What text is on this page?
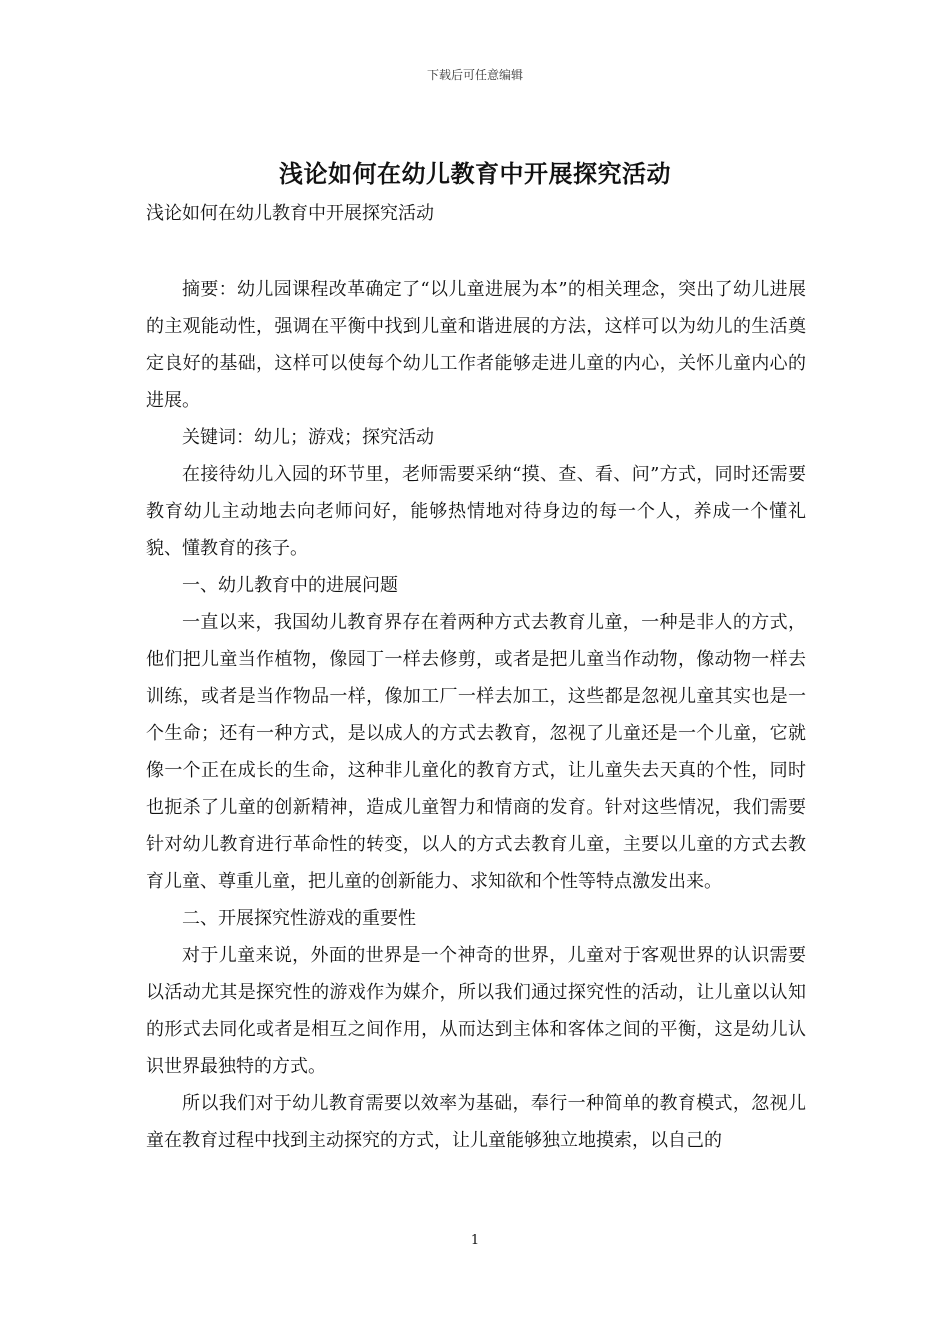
下载后可任意编辑
浅论如何在幼儿教育中开展探究活动
浅论如何在幼儿教育中开展探究活动

摘要：幼儿园课程改革确定了“以儿童进展为本”的相关理念，突出了幼儿进展的主观能动性，强调在平衡中找到儿童和谐进展的方法，这样可以为幼儿的生活奠定良好的基础，这样可以使每个幼儿工作者能够走进儿童的内心，关怀儿童内心的进展。

关键词：幼儿；游戏；探究活动

在接待幼儿入园的环节里，老师需要采纳“摸、查、看、问”方式，同时还需要教育幼儿主动地去向老师问好，能够热情地对待身边的每一个人，养成一个懂礼貌、懂教育的孩子。

一、幼儿教育中的进展问题

一直以来，我国幼儿教育界存在着两种方式去教育儿童，一种是非人的方式，他们把儿童当作植物，像园丁一样去修剪，或者是把儿童当作动物，像动物一样去训练，或者是当作物品一样，像加工厂一样去加工，这些都是忽视儿童其实也是一个生命；还有一种方式，是以成人的方式去教育，忽视了儿童还是一个儿童，它就像一个正在成长的生命，这种非儿童化的教育方式，让儿童失去天真的个性，同时也扼杀了儿童的创新精神，造成儿童智力和情商的发育。针对这些情况，我们需要针对幼儿教育进行革命性的转变，以人的方式去教育儿童，主要以儿童的方式去教育儿童、尊重儿童，把儿童的创新能力、求知欲和个性等特点激发出来。

二、开展探究性游戏的重要性

对于儿童来说，外面的世界是一个神奇的世界，儿童对于客观世界的认识需要以活动尤其是探究性的游戏作为媒介，所以我们通过探究性的活动，让儿童以认知的形式去同化或者是相互之间作用，从而达到主体和客体之间的平衡，这是幼儿认识世界最独特的方式。

所以我们对于幼儿教育需要以效率为基础，奉行一种简单的教育模式，忽视儿童在教育过程中找到主动探究的方式，让儿童能够独立地摸索，以自己的

1
